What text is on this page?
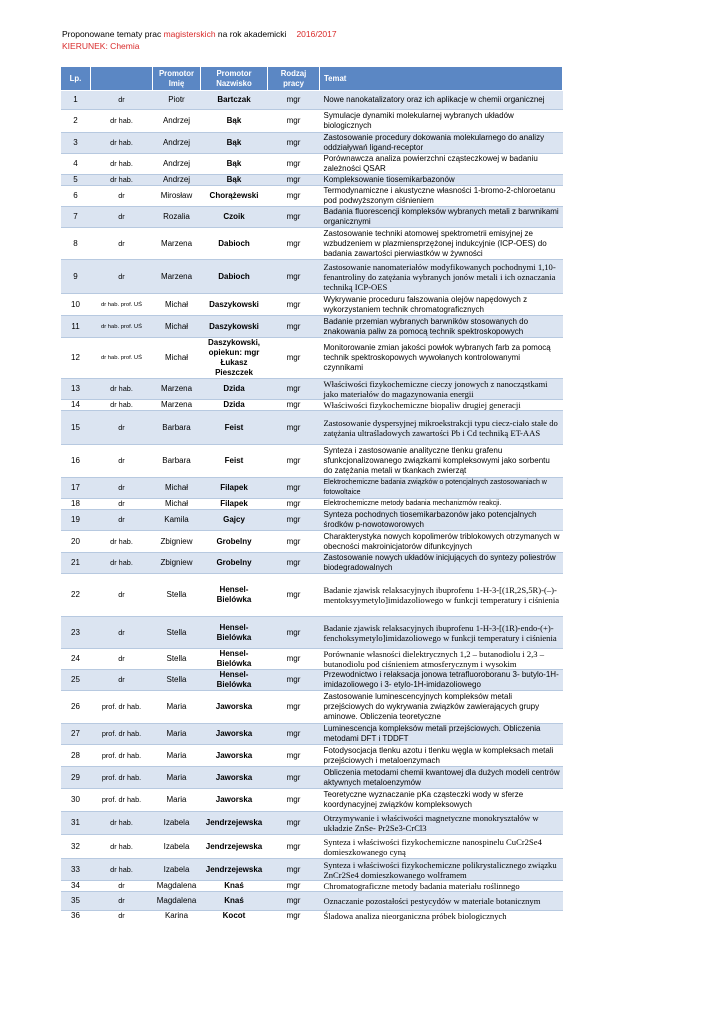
Proponowane tematy prac magisterskich na rok akademicki 2016/2017
KIERUNEK: Chemia
Lp.		Promotor Imię	Promotor Nazwisko	Rodzaj pracy	Temat
1	dr	Piotr	Bartczak	mgr	Nowe nanokatalizatory oraz ich aplikacje w chemii organicznej
2	dr hab.	Andrzej	Bąk	mgr	Symulacje dynamiki molekularnej wybranych układów biologicznych
3	dr hab.	Andrzej	Bąk	mgr	Zastosowanie procedury dokowania molekularnego do analizy oddziaływań ligand-receptor
4	dr hab.	Andrzej	Bąk	mgr	Porównawcza analiza powierzchni cząsteczkowej w badaniu zależności QSAR
5	dr hab.	Andrzej	Bąk	mgr	Kompleksowanie tiosemikarbazonów
6	dr	Mirosław	Chorążewski	mgr	Termodynamiczne i akustyczne własności 1-bromo-2-chloroetanu pod podwyższonym ciśnieniem
7	dr	Rozalia	Czoik	mgr	Badania fluorescencji kompleksów wybranych metali z barwnikami organicznymi
8	dr	Marzena	Dabioch	mgr	Zastosowanie techniki atomowej spektrometrii emisyjnej ze wzbudzeniem w plazmiensprzężonej indukcyjnie (ICP-OES) do badania zawartości pierwiastków w żywności
9	dr	Marzena	Dabioch	mgr	Zastosowanie nanomateriałów modyfikowanych pochodnymi 1,10-fenantroliny do zatężania wybranych jonów metali i ich oznaczania techniką ICP-OES
10	dr hab. prof. UŚ	Michał	Daszykowski	mgr	Wykrywanie proceduru fałszowania olejów napędowych z wykorzystaniem technik chromatograficznych
11	dr hab. prof. UŚ	Michał	Daszykowski	mgr	Badanie przemian wybranych barwników stosowanych do znakowania paliw za pomocą technik spektroskopowych
12	dr hab. prof. UŚ	Michał	Daszykowski, opiekun: mgr Łukasz Pieszczek	mgr	Monitorowanie zmian jakości powłok wybranych farb za pomocą technik spektroskopowych wywołanych kontrolowanymi czynnikami
13	dr hab.	Marzena	Dzida	mgr	Właściwości fizykochemiczne cieczy jonowych z nanocząstkami jako materiałów do magazynowania energii
14	dr hab.	Marzena	Dzida	mgr	Właściwości fizykochemiczne biopaliw drugiej generacji
15	dr	Barbara	Feist	mgr	Zastosowanie dyspersyjnej mikroekstrakcji typu ciecz-ciało stałe do zatężania ultraśladowych zawartości Pb i Cd techniką ET-AAS
16	dr	Barbara	Feist	mgr	Synteza i zastosowanie analityczne tlenku grafenu sfunkcjonalizowanego związkami kompleksowymi jako sorbentu do zatężania metali w tkankach zwierząt
17	dr	Michał	Filapek	mgr	Elektrochemiczne badania związków o potencjalnych zastosowaniach w fotowoltaice
18	dr	Michał	Filapek	mgr	Elektrochemiczne metody badania mechanizmów reakcji.
19	dr	Kamila	Gajcy	mgr	Synteza pochodnych tiosemikarbazonów jako potencjalnych środków p-nowotoworowych
20	dr hab.	Zbigniew	Grobelny	mgr	Charakterystyka nowych kopolimerów triblokowych otrzymanych w obecności makroinicjatorów difunkcyjnych
21	dr hab.	Zbigniew	Grobelny	mgr	Zastosowanie nowych układów inicjujących do syntezy poliestrów biodegradowalnych
22	dr	Stella	Hensel-Bielówka	mgr	Badanie zjawisk relaksacyjnych ibuprofenu 1-H-3-[(1R,2S,5R)-(–)-mentoksyymetylo]imidazoliowego w funkcji temperatury i ciśnienia
23	dr	Stella	Hensel-Bielówka	mgr	Badanie zjawisk relaksacyjnych ibuprofenu 1-H-3-[(1R)-endo-(+)-fenchoksymetylo]imidazoliowego w funkcji temperatury i ciśnienia
24	dr	Stella	Hensel-Bielówka	mgr	Porównanie własności dielektrycznych 1,2 – butanodiolu i 2,3 – butanodiolu pod ciśnieniem atmosferycznym i wysokim
25	dr	Stella	Hensel-Bielówka	mgr	Przewodnictwo i relaksacja jonowa tetrafluoroboranu 3- butylo-1H-imidazoliowego i 3- etylo-1H-imidazoliowego
26	prof. dr hab.	Maria	Jaworska	mgr	Zastosowanie luminescencyjnych kompleksów metali przejściowych do wykrywania związków zawierających grupy aminowe. Obliczenia teoretyczne
27	prof. dr hab.	Maria	Jaworska	mgr	Luminescencja kompleksów metali przejściowych. Obliczenia metodami DFT i TDDFT
28	prof. dr hab.	Maria	Jaworska	mgr	Fotodysocjacja tlenku azotu i tlenku węgla w kompleksach metali przejściowych i metaloenzymach
29	prof. dr hab.	Maria	Jaworska	mgr	Obliczenia metodami chemii kwantowej dla dużych modeli centrów aktywnych metaloenzymów
30	prof. dr hab.	Maria	Jaworska	mgr	Teoretyczne wyznaczanie pKa cząsteczki wody w sferze koordynacyjnej związków kompleksowych
31	dr hab.	Izabela	Jendrzejewska	mgr	Otrzymywanie i właściwości magnetyczne monokryształów w układzie ZnSe- Pr2Se3-CrCl3
32	dr hab.	Izabela	Jendrzejewska	mgr	Synteza i właściwości fizykochemiczne nanospinelu CuCr2Se4 domieszkowanego cyną
33	dr hab.	Izabela	Jendrzejewska	mgr	Synteza i właściwości fizykochemiczne polikrystalicznego związku ZnCr2Se4 domieszkowanego wolframem
34	dr	Magdalena	Knaś	mgr	Chromatograficzne metody badania materiału roślinnego
35	dr	Magdalena	Knaś	mgr	Oznaczanie pozostałości pestycydów w materiale botanicznym
36	dr	Karina	Kocot	mgr	Śladowa analiza nieorganiczna próbek biologicznych
